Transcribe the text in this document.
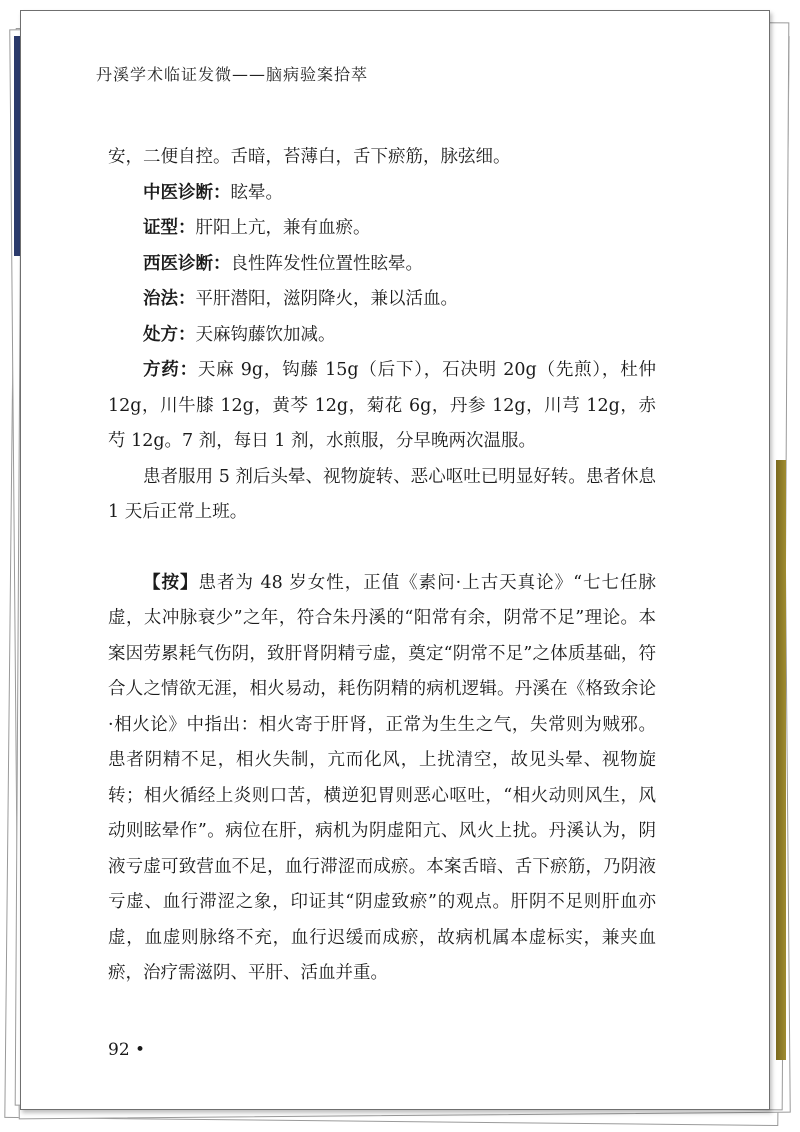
丹溪学术临证发微——脑病验案拾萃

安，二便自控。舌暗，苔薄白，舌下瘀筋，脉弦细。

中医诊断：眩晕。

证型：肝阳上亢，兼有血瘀。

西医诊断：良性阵发性位置性眩晕。

治法：平肝潜阳，滋阴降火，兼以活血。

处方：天麻钩藤饮加减。

方药：天麻 9g，钩藤 15g（后下），石决明 20g（先煎），杜仲 12g，川牛膝 12g，黄芩 12g，菊花 6g，丹参 12g，川芎 12g，赤芍 12g。7 剂，每日 1 剂，水煎服，分早晚两次温服。

患者服用 5 剂后头晕、视物旋转、恶心呕吐已明显好转。患者休息 1 天后正常上班。

【按】患者为 48 岁女性，正值《素问·上古天真论》“七七任脉虚，太冲脉衰少”之年，符合朱丹溪的“阳常有余，阴常不足”理论。本案因劳累耗气伤阴，致肝肾阴精亏虚，奠定“阴常不足”之体质基础，符合人之情欲无涯，相火易动，耗伤阴精的病机逻辑。丹溪在《格致余论·相火论》中指出：相火寄于肝肾，正常为生生之气，失常则为贼邪。患者阴精不足，相火失制，亢而化风，上扰清空，故见头晕、视物旋转；相火循经上炎则口苦，横逆犯胃则恶心呕吐，“相火动则风生，风动则眩晕作”。病位在肝，病机为阴虚阳亢、风火上扰。丹溪认为，阴液亏虚可致营血不足，血行滞涩而成瘀。本案舌暗、舌下瘀筋，乃阴液亏虚、血行滞涩之象，印证其“阴虚致瘀”的观点。肝阴不足则肝血亦虚，血虚则脉络不充，血行迟缓而成瘀，故病机属本虚标实，兼夹血瘀，治疗需滋阴、平肝、活血并重。

92 •
